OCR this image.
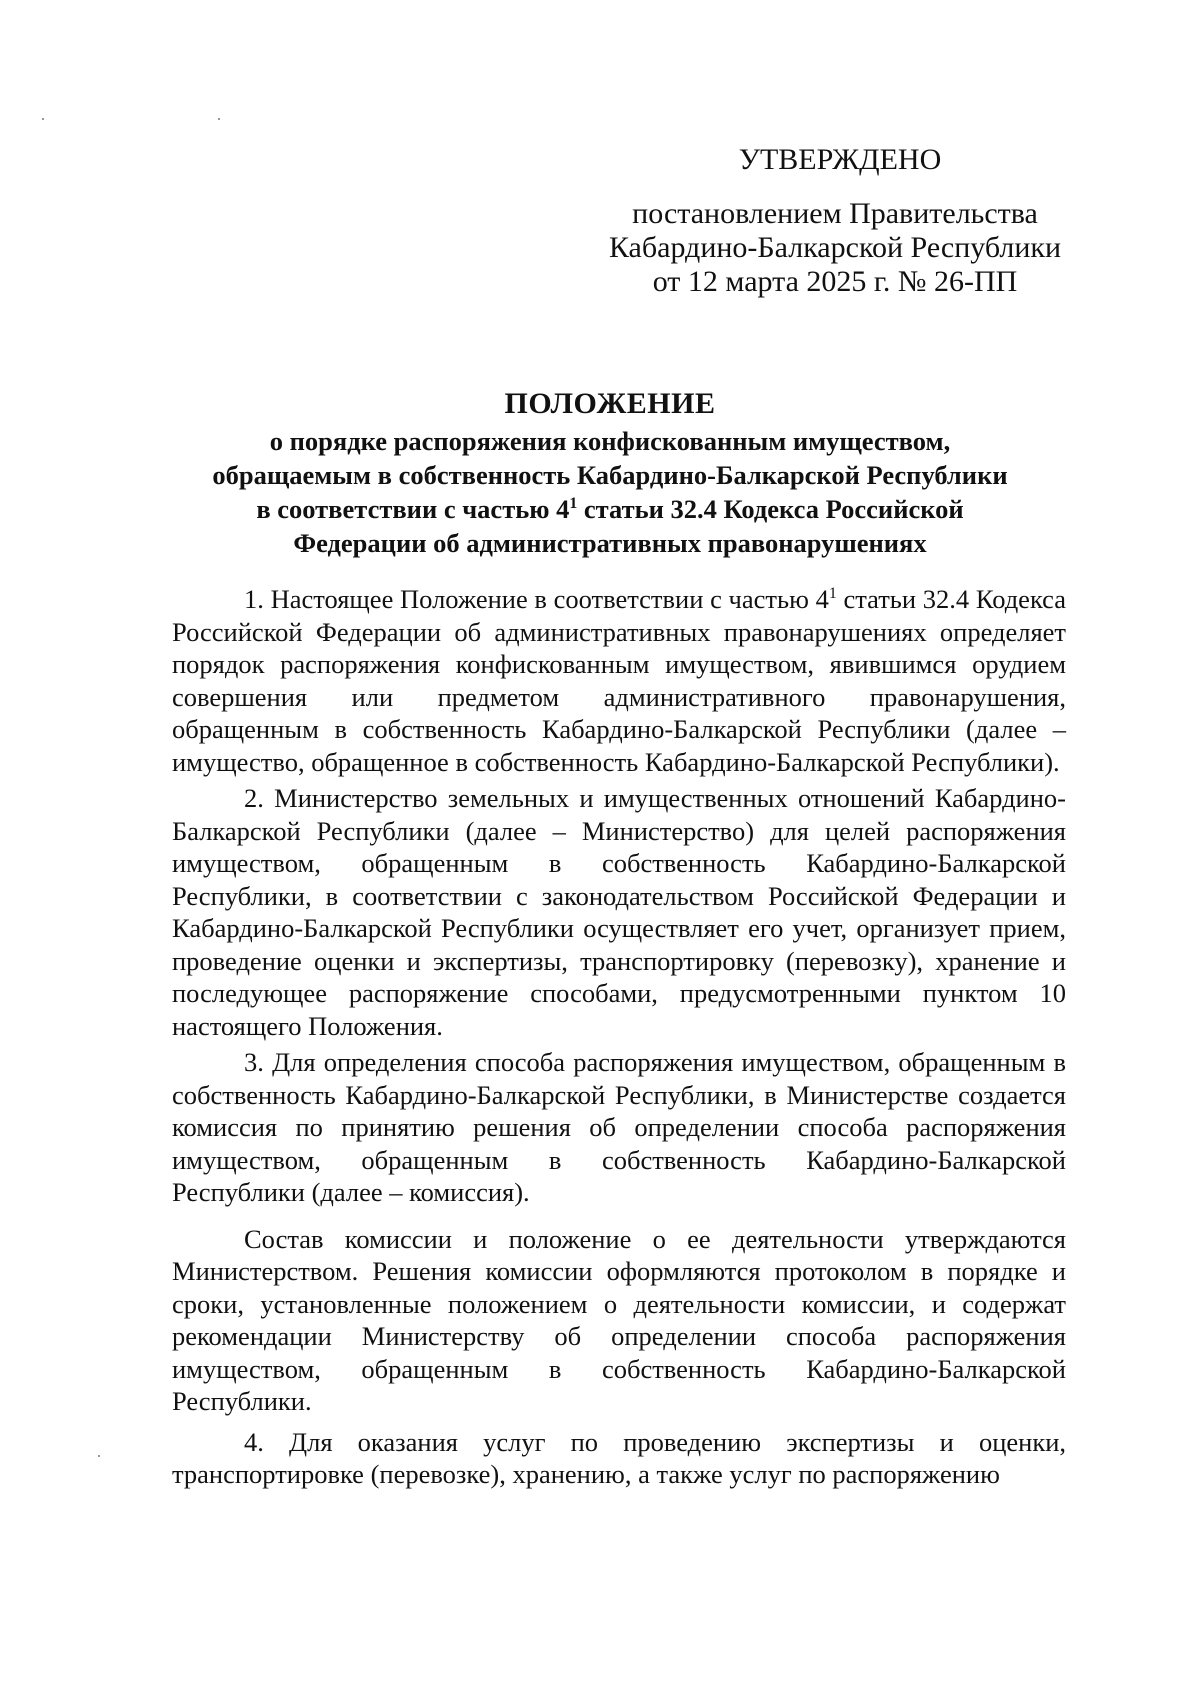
УТВЕРЖДЕНО
постановлением Правительства
Кабардино-Балкарской Республики
от 12 марта 2025 г. № 26-ПП
ПОЛОЖЕНИЕ
о порядке распоряжения конфискованным имуществом,
обращаемым в собственность Кабардино-Балкарской Республики
в соответствии с частью $4^1$ статьи 32.4 Кодекса Российской
Федерации об административных правонарушениях

1. Настоящее Положение в соответствии с частью $4^1$ статьи 32.4 Кодекса Российской Федерации об административных правонарушениях определяет порядок распоряжения конфискованным имуществом, явившимся орудием совершения или предметом административного правонарушения, обращенным в собственность Кабардино-Балкарской Республики (далее – имущество, обращенное в собственность Кабардино-Балкарской Республики).

2. Министерство земельных и имущественных отношений Кабардино-Балкарской Республики (далее – Министерство) для целей распоряжения имуществом, обращенным в собственность Кабардино-Балкарской Республики, в соответствии с законодательством Российской Федерации и Кабардино-Балкарской Республики осуществляет его учет, организует прием, проведение оценки и экспертизы, транспортировку (перевозку), хранение и последующее распоряжение способами, предусмотренными пунктом 10 настоящего Положения.

3. Для определения способа распоряжения имуществом, обращенным в собственность Кабардино-Балкарской Республики, в Министерстве создается комиссия по принятию решения об определении способа распоряжения имуществом, обращенным в собственность Кабардино-Балкарской Республики (далее – комиссия).

Состав комиссии и положение о ее деятельности утверждаются Министерством. Решения комиссии оформляются протоколом в порядке и сроки, установленные положением о деятельности комиссии, и содержат рекомендации Министерству об определении способа распоряжения имуществом, обращенным в собственность Кабардино-Балкарской Республики.

4. Для оказания услуг по проведению экспертизы и оценки, транспортировке (перевозке), хранению, а также услуг по распоряжению
